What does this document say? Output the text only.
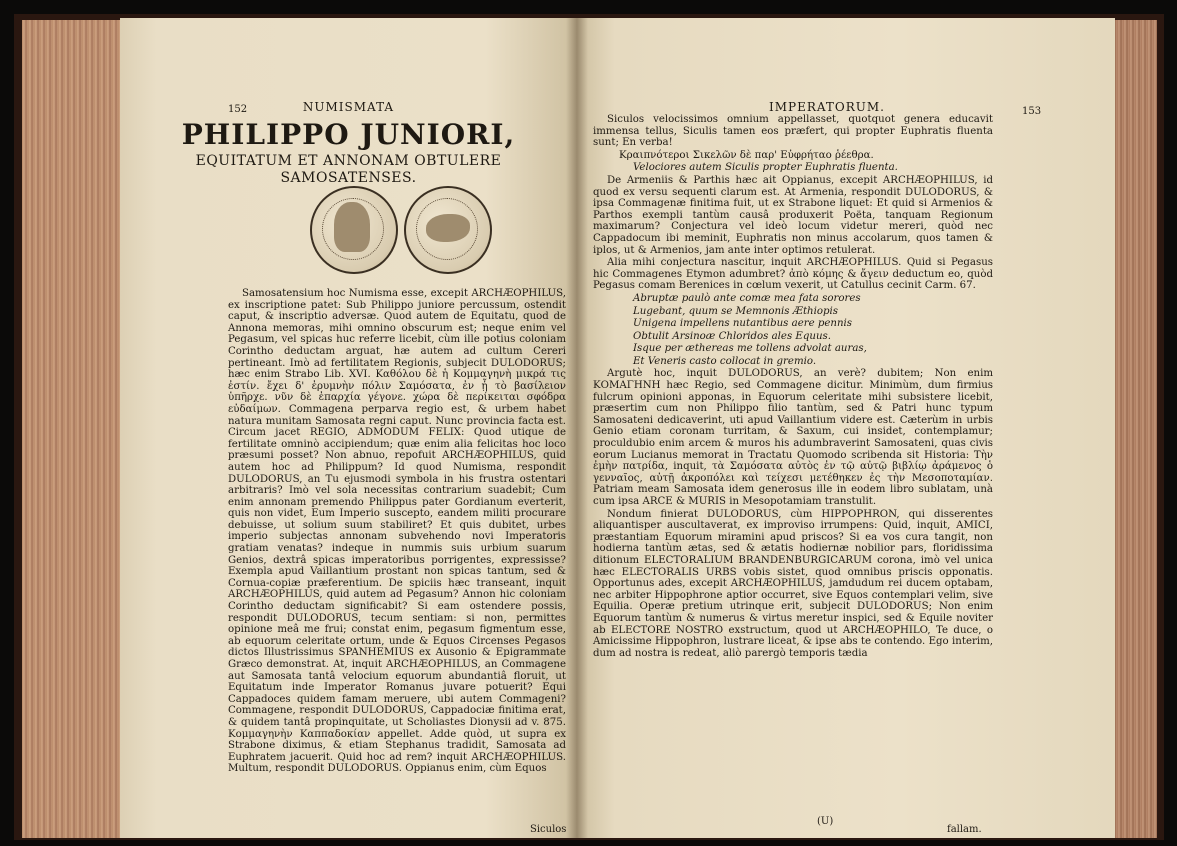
152	NUMISMATA
PHILIPPO JUNIORI,
EQUITATUM ET ANNONAM OBTULERE
SAMOSATENSES.

Samosatensium hoc Numisma esse, excepit ARCHÆOPHILUS, ex inscriptione patet: Sub Philippo juniore percussum, ostendit caput, & inscriptio adversæ. Quod autem de Equitatu, quod de Annona memoras, mihi omnino obscurum est; neque enim vel Pegasum, vel spicas huc referre licebit, cùm ille potius coloniam Corintho deductam arguat, hæ autem ad cultum Cereri pertineant. Imò ad fertilitatem Regionis, subjecit DULODORUS; hæc enim Strabo Lib. XVI. Καθόλου δὲ ἡ Κομμαγηνὴ μικρά τις ἐστίν. ἔχει δ' ἐρυμνὴν πόλιν Σαμόσατα, ἐν ᾗ τὸ βασίλειον ὑπῆρχε. νῦν δὲ ἐπαρχία γέγονε. χώρα δὲ περίκειται σφόδρα εὐδαίμων. Commagena perparva regio est, & urbem habet natura munitam Samosata regni caput. Nunc provincia facta est. Circum jacet REGIO, ADMODUM FELIX: Quod utique de fertilitate omninò accipiendum; quæ enim alia felicitas hoc loco præsumi posset? Non abnuo, repofuit ARCHÆOPHILUS, quid autem hoc ad Philippum? Id quod Numisma, respondit DULODORUS, an Tu ejusmodi symbola in his frustra ostentari arbitraris? Imò vel sola necessitas contrarium suadebit; Cum enim annonam premendo Philippus pater Gordianum everterit, quis non videt, Eum Imperio suscepto, eandem militi procurare debuisse, ut solium suum stabiliret? Et quis dubitet, urbes imperio subjectas annonam subvehendo novi Imperatoris gratiam venatas? indeque in nummis suis urbium suarum Genios, dextrâ spicas imperatoribus porrigentes, expressisse? Exempla apud Vaillantium prostant non spicas tantum, sed & Cornua-copiæ præferentium. De spiciis hæc transeant, inquit ARCHÆOPHILUS, quid autem ad Pegasum? Annon hic coloniam Corintho deductam significabit? Si eam ostendere possis, respondit DULODORUS, tecum sentiam: si non, permittes opinione meâ me frui; constat enim, pegasum figmentum esse, ab equorum celeritate ortum, unde & Equos Circenses Pegasos dictos Illustrissimus SPANHEMIUS ex Ausonio & Epigrammate Græco demonstrat. At, inquit ARCHÆOPHILUS, an Commagene aut Samosata tantâ velocium equorum abundantiâ floruit, ut Equitatum inde Imperator Romanus juvare potuerit? Equi Cappadoces quidem famam meruere, ubi autem Commageni? Commagene, respondit DULODORUS, Cappadociæ finitima erat, & quidem tantâ propinquitate, ut Scholiastes Dionysii ad v. 875. Κομμαγηνὴν Καππαδοκίαν appellet. Adde quòd, ut supra ex Strabone diximus, & etiam Stephanus tradidit, Samosata ad Euphratem jacuerit. Quid hoc ad rem? inquit ARCHÆOPHILUS. Multum, respondit DULODORUS. Oppianus enim, cùm Equos

Siculos
IMPERATORUM.	153

Siculos velocissimos omnium appellasset, quotquot genera educavit immensa tellus, Siculis tamen eos præfert, qui propter Euphratis fluenta sunt; En verba!

Κραιπνότεροι Σικελῶν δὲ παρ' Εὐφρήταο ῥέεθρα.

Velociores autem Siculis propter Euphratis fluenta.

De Armeniis & Parthis hæc ait Oppianus, excepit ARCHÆOPHILUS, id quod ex versu sequenti clarum est. At Armenia, respondit DULODORUS, & ipsa Commagenæ finitima fuit, ut ex Strabone liquet: Et quid si Armenios & Parthos exempli tantùm causâ produxerit Poëta, tanquam Regionum maximarum? Conjectura vel ideò locum videtur mereri, quòd nec Cappadocum ibi meminit, Euphratis non minus accolarum, quos tamen & iplos, ut & Armenios, jam ante inter optimos retulerat.

Alia mihi conjectura nascitur, inquit ARCHÆOPHILUS. Quid si Pegasus hic Commagenes Etymon adumbret? ἀπὸ κόμης & ἄγειν deductum eo, quòd Pegasus comam Berenices in cœlum vexerit, ut Catullus cecinit Carm. 67.

Abruptæ paulò ante comæ mea fata sorores

Lugebant, quum se Memnonis Æthiopis

Unigena impellens nutantibus aere pennis

Obtulit Arsinoæ Chloridos ales Equus.

Isque per æthereas me tollens advolat auras,

Et Veneris casto collocat in gremio.

Argutè hoc, inquit DULODORUS, an verè? dubitem; Non enim ΚΟΜΑΓΗΝΗ hæc Regio, sed Commagene dicitur. Minimùm, dum firmius fulcrum opinioni apponas, in Equorum celeritate mihi subsistere licebit, præsertim cum non Philippo filio tantùm, sed & Patri hunc typum Samosateni dedicaverint, uti apud Vaillantium videre est. Cæterùm in urbis Genio etiam coronam turritam, & Saxum, cui insidet, contemplamur; proculdubio enim arcem & muros his adumbraverint Samosateni, quas civis eorum Lucianus memorat in Tractatu Quomodo scribenda sit Historia: Τὴν ἐμὴν πατρίδα, inquit, τὰ Σαμόσατα αὐτὸς ἐν τῷ αὐτῷ βιβλίῳ ἀράμενος ὁ γενναῖος, αὐτῇ ἀκροπόλει καὶ τείχεσι μετέθηκεν ἐς τὴν Μεσοποταμίαν. Patriam meam Samosata idem generosus ille in eodem libro sublatam, unà cum ipsa ARCE & MURIS in Mesopotamiam transtulit.

Nondum finierat DULODORUS, cùm HIPPOPHRON, qui disserentes aliquantisper auscultaverat, ex improviso irrumpens: Quid, inquit, AMICI, præstantiam Equorum miramini apud priscos? Si ea vos cura tangit, non hodierna tantùm ætas, sed & ætatis hodiernæ nobilior pars, floridissima ditionum ELECTORALIUM BRANDENBURGICARUM corona, imò vel unica hæc ELECTORALIS URBS vobis sistet, quod omnibus priscis opponatis. Opportunus ades, excepit ARCHÆOPHILUS, jamdudum rei ducem optabam, nec arbiter Hippophrone aptior occurret, sive Equos contemplari velim, sive Equilia. Operæ pretium utrinque erit, subjecit DULODORUS; Non enim Equorum tantùm & numerus & virtus meretur inspici, sed & Equile noviter ab ELECTORE NOSTRO exstructum, quod ut ARCHÆOPHILO, Te duce, o Amicissime Hippophron, lustrare liceat, & ipse abs te contendo. Ego interim, dum ad nostra is redeat, aliò parergò temporis tædia

(U)
fallam.
